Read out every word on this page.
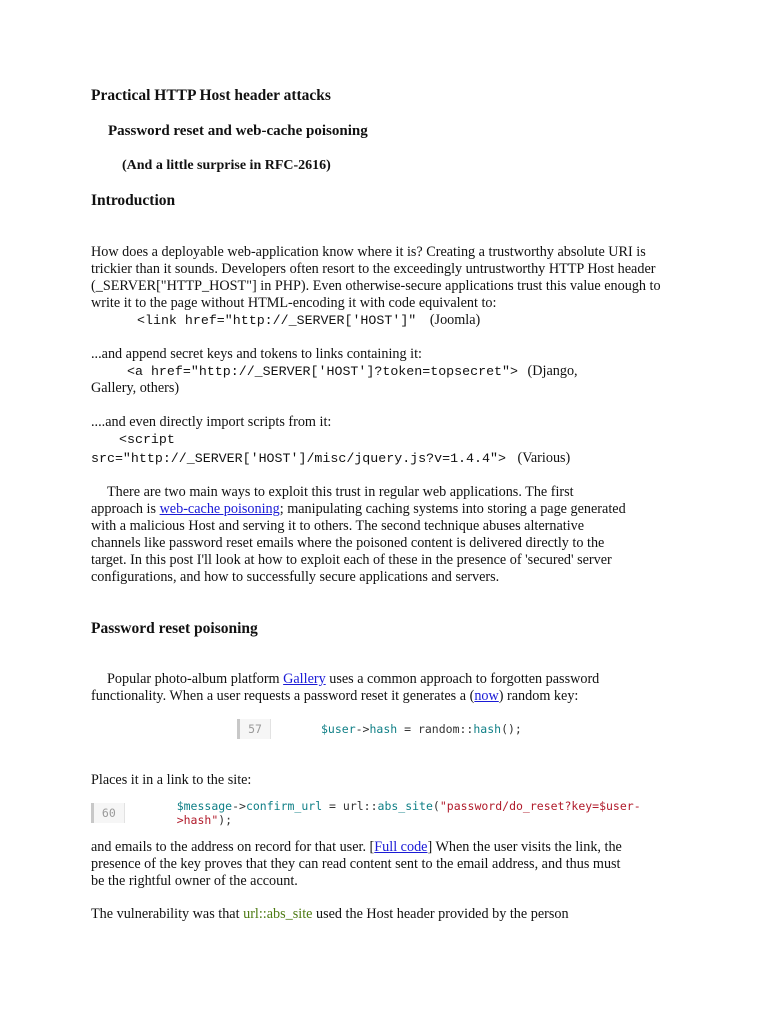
Practical HTTP Host header attacks
Password reset and web-cache poisoning
(And a little surprise in RFC-2616)
Introduction
How does a deployable web-application know where it is? Creating a trustworthy absolute URI is trickier than it sounds. Developers often resort to the exceedingly untrustworthy HTTP Host header (_SERVER["HTTP_HOST"] in PHP). Even otherwise-secure applications trust this value enough to write it to the page without HTML-encoding it with code equivalent to:
<link href="http://_SERVER['HOST']" (Joomla)
...and append secret keys and tokens to links containing it:
<a href="http://_SERVER['HOST']?token=topsecret"> (Django,
Gallery, others)
....and even directly import scripts from it:
<script
src="http://_SERVER['HOST']/misc/jquery.js?v=1.4.4"> (Various)
There are two main ways to exploit this trust in regular web applications. The first
approach is web-cache poisoning; manipulating caching systems into storing a page generated
with a malicious Host and serving it to others. The second technique abuses alternative
channels like password reset emails where the poisoned content is delivered directly to the
target. In this post I'll look at how to exploit each of these in the presence of 'secured' server
configurations, and how to successfully secure applications and servers.
Password reset poisoning
Popular photo-album platform Gallery uses a common approach to forgotten password
functionality. When a user requests a password reset it generates a (now) random key:
57	$user->hash = random::hash();
Places it in a link to the site:
60	$message->confirm_url = url::abs_site("password/do_reset?key=$user->hash");
and emails to the address on record for that user. [Full code] When the user visits the link, the
presence of the key proves that they can read content sent to the email address, and thus must
be the rightful owner of the account.
The vulnerability was that url::abs_site used the Host header provided by the person
